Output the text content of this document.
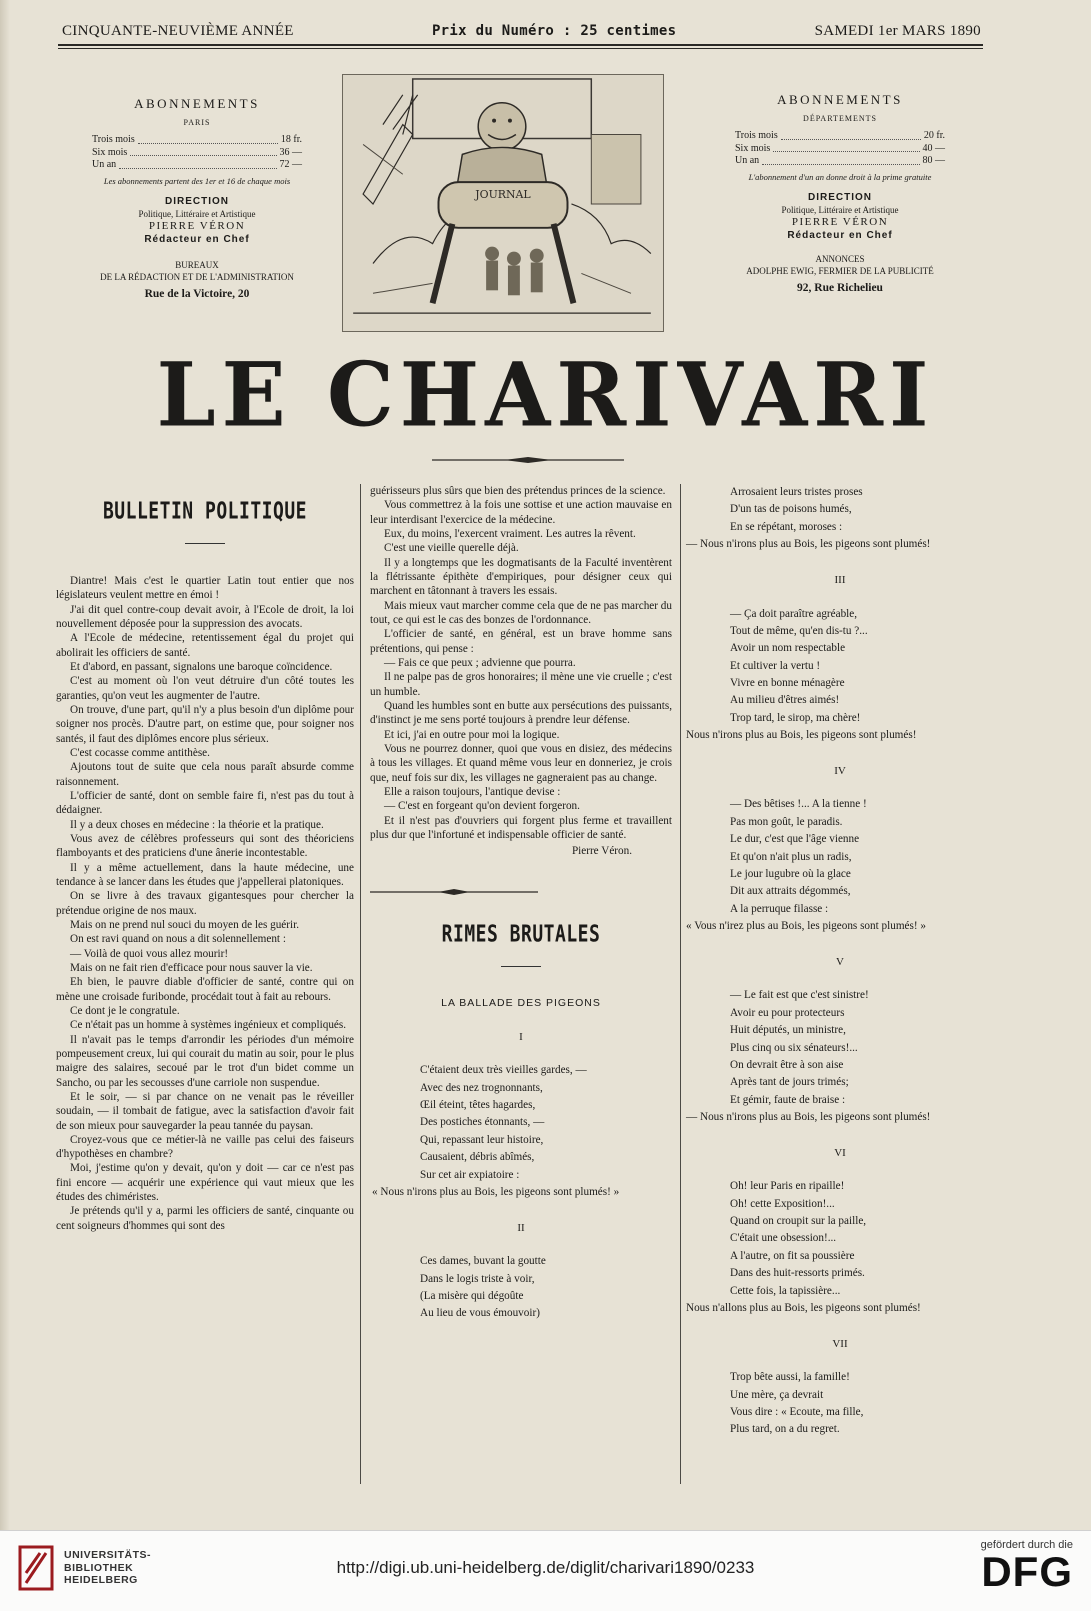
CINQUANTE-NEUVIÈME ANNÉE	Prix du Numéro : 25 centimes	SAMEDI 1er MARS 1890
ABONNEMENTS
PARIS
Trois mois	18 fr.
Six mois	36 —
Un an	72 —
Les abonnements partent des 1er et 16 de chaque mois
DIRECTION
Politique, Littéraire et Artistique
PIERRE VÉRON
Rédacteur en Chef
BUREAUX
DE LA RÉDACTION ET DE L'ADMINISTRATION
Rue de la Victoire, 20
ABONNEMENTS
DÉPARTEMENTS
Trois mois	20 fr.
Six mois	40 —
Un an	80 —
L'abonnement d'un an donne droit à la prime gratuite
DIRECTION
Politique, Littéraire et Artistique
PIERRE VÉRON
Rédacteur en Chef
ANNONCES
ADOLPHE EWIG, FERMIER DE LA PUBLICITÉ
92, Rue Richelieu
JOURNAL
LE CHARIVARI
BULLETIN POLITIQUE

Diantre! Mais c'est le quartier Latin tout entier que nos législateurs veulent mettre en émoi !

J'ai dit quel contre-coup devait avoir, à l'Ecole de droit, la loi nouvellement déposée pour la suppression des avocats.

A l'Ecole de médecine, retentissement égal du projet qui abolirait les officiers de santé.

Et d'abord, en passant, signalons une baroque coïncidence.

C'est au moment où l'on veut détruire d'un côté toutes les garanties, qu'on veut les augmenter de l'autre.

On trouve, d'une part, qu'il n'y a plus besoin d'un diplôme pour soigner nos procès. D'autre part, on estime que, pour soigner nos santés, il faut des diplômes encore plus sérieux.

C'est cocasse comme antithèse.

Ajoutons tout de suite que cela nous paraît absurde comme raisonnement.

L'officier de santé, dont on semble faire fi, n'est pas du tout à dédaigner.

Il y a deux choses en médecine : la théorie et la pratique.

Vous avez de célèbres professeurs qui sont des théoriciens flamboyants et des praticiens d'une ânerie incontestable.

Il y a même actuellement, dans la haute médecine, une tendance à se lancer dans les études que j'appellerai platoniques.

On se livre à des travaux gigantesques pour chercher la prétendue origine de nos maux.

Mais on ne prend nul souci du moyen de les guérir.

On est ravi quand on nous a dit solennellement :

— Voilà de quoi vous allez mourir!

Mais on ne fait rien d'efficace pour nous sauver la vie.

Eh bien, le pauvre diable d'officier de santé, contre qui on mène une croisade furibonde, procédait tout à fait au rebours.

Ce dont je le congratule.

Ce n'était pas un homme à systèmes ingénieux et compliqués.

Il n'avait pas le temps d'arrondir les périodes d'un mémoire pompeusement creux, lui qui courait du matin au soir, pour le plus maigre des salaires, secoué par le trot d'un bidet comme un Sancho, ou par les secousses d'une carriole non suspendue.

Et le soir, — si par chance on ne venait pas le réveiller soudain, — il tombait de fatigue, avec la satisfaction d'avoir fait de son mieux pour sauvegarder la peau tannée du paysan.

Croyez-vous que ce métier-là ne vaille pas celui des faiseurs d'hypothèses en chambre?

Moi, j'estime qu'on y devait, qu'on y doit — car ce n'est pas fini encore — acquérir une expérience qui vaut mieux que les études des chiméristes.

Je prétends qu'il y a, parmi les officiers de santé, cinquante ou cent soigneurs d'hommes qui sont des

guérisseurs plus sûrs que bien des prétendus princes de la science.

Vous commettrez à la fois une sottise et une action mauvaise en leur interdisant l'exercice de la médecine.

Eux, du moins, l'exercent vraiment. Les autres la rêvent.

C'est une vieille querelle déjà.

Il y a longtemps que les dogmatisants de la Faculté inventèrent la flétrissante épithète d'empiriques, pour désigner ceux qui marchent en tâtonnant à travers les essais.

Mais mieux vaut marcher comme cela que de ne pas marcher du tout, ce qui est le cas des bonzes de l'ordonnance.

L'officier de santé, en général, est un brave homme sans prétentions, qui pense :

— Fais ce que peux ; advienne que pourra.

Il ne palpe pas de gros honoraires; il mène une vie cruelle ; c'est un humble.

Quand les humbles sont en butte aux persécutions des puissants, d'instinct je me sens porté toujours à prendre leur défense.

Et ici, j'ai en outre pour moi la logique.

Vous ne pourrez donner, quoi que vous en disiez, des médecins à tous les villages. Et quand même vous leur en donneriez, je crois que, neuf fois sur dix, les villages ne gagneraient pas au change.

Elle a raison toujours, l'antique devise :

— C'est en forgeant qu'on devient forgeron.

Et il n'est pas d'ouvriers qui forgent plus ferme et travaillent plus dur que l'infortuné et indispensable officier de santé.

Pierre Véron.
RIMES BRUTALES
LA BALLADE DES PIGEONS
I
C'étaient deux très vieilles gardes, —
Avec des nez trognonnants,
Œil éteint, têtes hagardes,
Des postiches étonnants, —
Qui, repassant leur histoire,
Causaient, débris abîmés,
Sur cet air expiatoire :
« Nous n'irons plus au Bois, les pigeons sont plumés! »
II
Ces dames, buvant la goutte
Dans le logis triste à voir,
(La misère qui dégoûte
Au lieu de vous émouvoir)
Arrosaient leurs tristes proses
D'un tas de poisons humés,
En se répétant, moroses :
— Nous n'irons plus au Bois, les pigeons sont plumés!
III
— Ça doit paraître agréable,
Tout de même, qu'en dis-tu ?...
Avoir un nom respectable
Et cultiver la vertu !
Vivre en bonne ménagère
Au milieu d'êtres aimés!
Trop tard, le sirop, ma chère!
Nous n'irons plus au Bois, les pigeons sont plumés!
IV
— Des bêtises !... A la tienne !
Pas mon goût, le paradis.
Le dur, c'est que l'âge vienne
Et qu'on n'ait plus un radis,
Le jour lugubre où la glace
Dit aux attraits dégommés,
A la perruque filasse :
« Vous n'irez plus au Bois, les pigeons sont plumés! »
V
— Le fait est que c'est sinistre!
Avoir eu pour protecteurs
Huit députés, un ministre,
Plus cinq ou six sénateurs!...
On devrait être à son aise
Après tant de jours trimés;
Et gémir, faute de braise :
— Nous n'irons plus au Bois, les pigeons sont plumés!
VI
Oh! leur Paris en ripaille!
Oh! cette Exposition!...
Quand on croupit sur la paille,
C'était une obsession!...
A l'autre, on fit sa poussière
Dans des huit-ressorts primés.
Cette fois, la tapissière...
Nous n'allons plus au Bois, les pigeons sont plumés!
VII
Trop bête aussi, la famille!
Une mère, ça devrait
Vous dire : « Ecoute, ma fille,
Plus tard, on a du regret.
UNIVERSITÄTS-
BIBLIOTHEK
HEIDELBERG
http://digi.ub.uni-heidelberg.de/diglit/charivari1890/0233
gefördert durch die
DFG
